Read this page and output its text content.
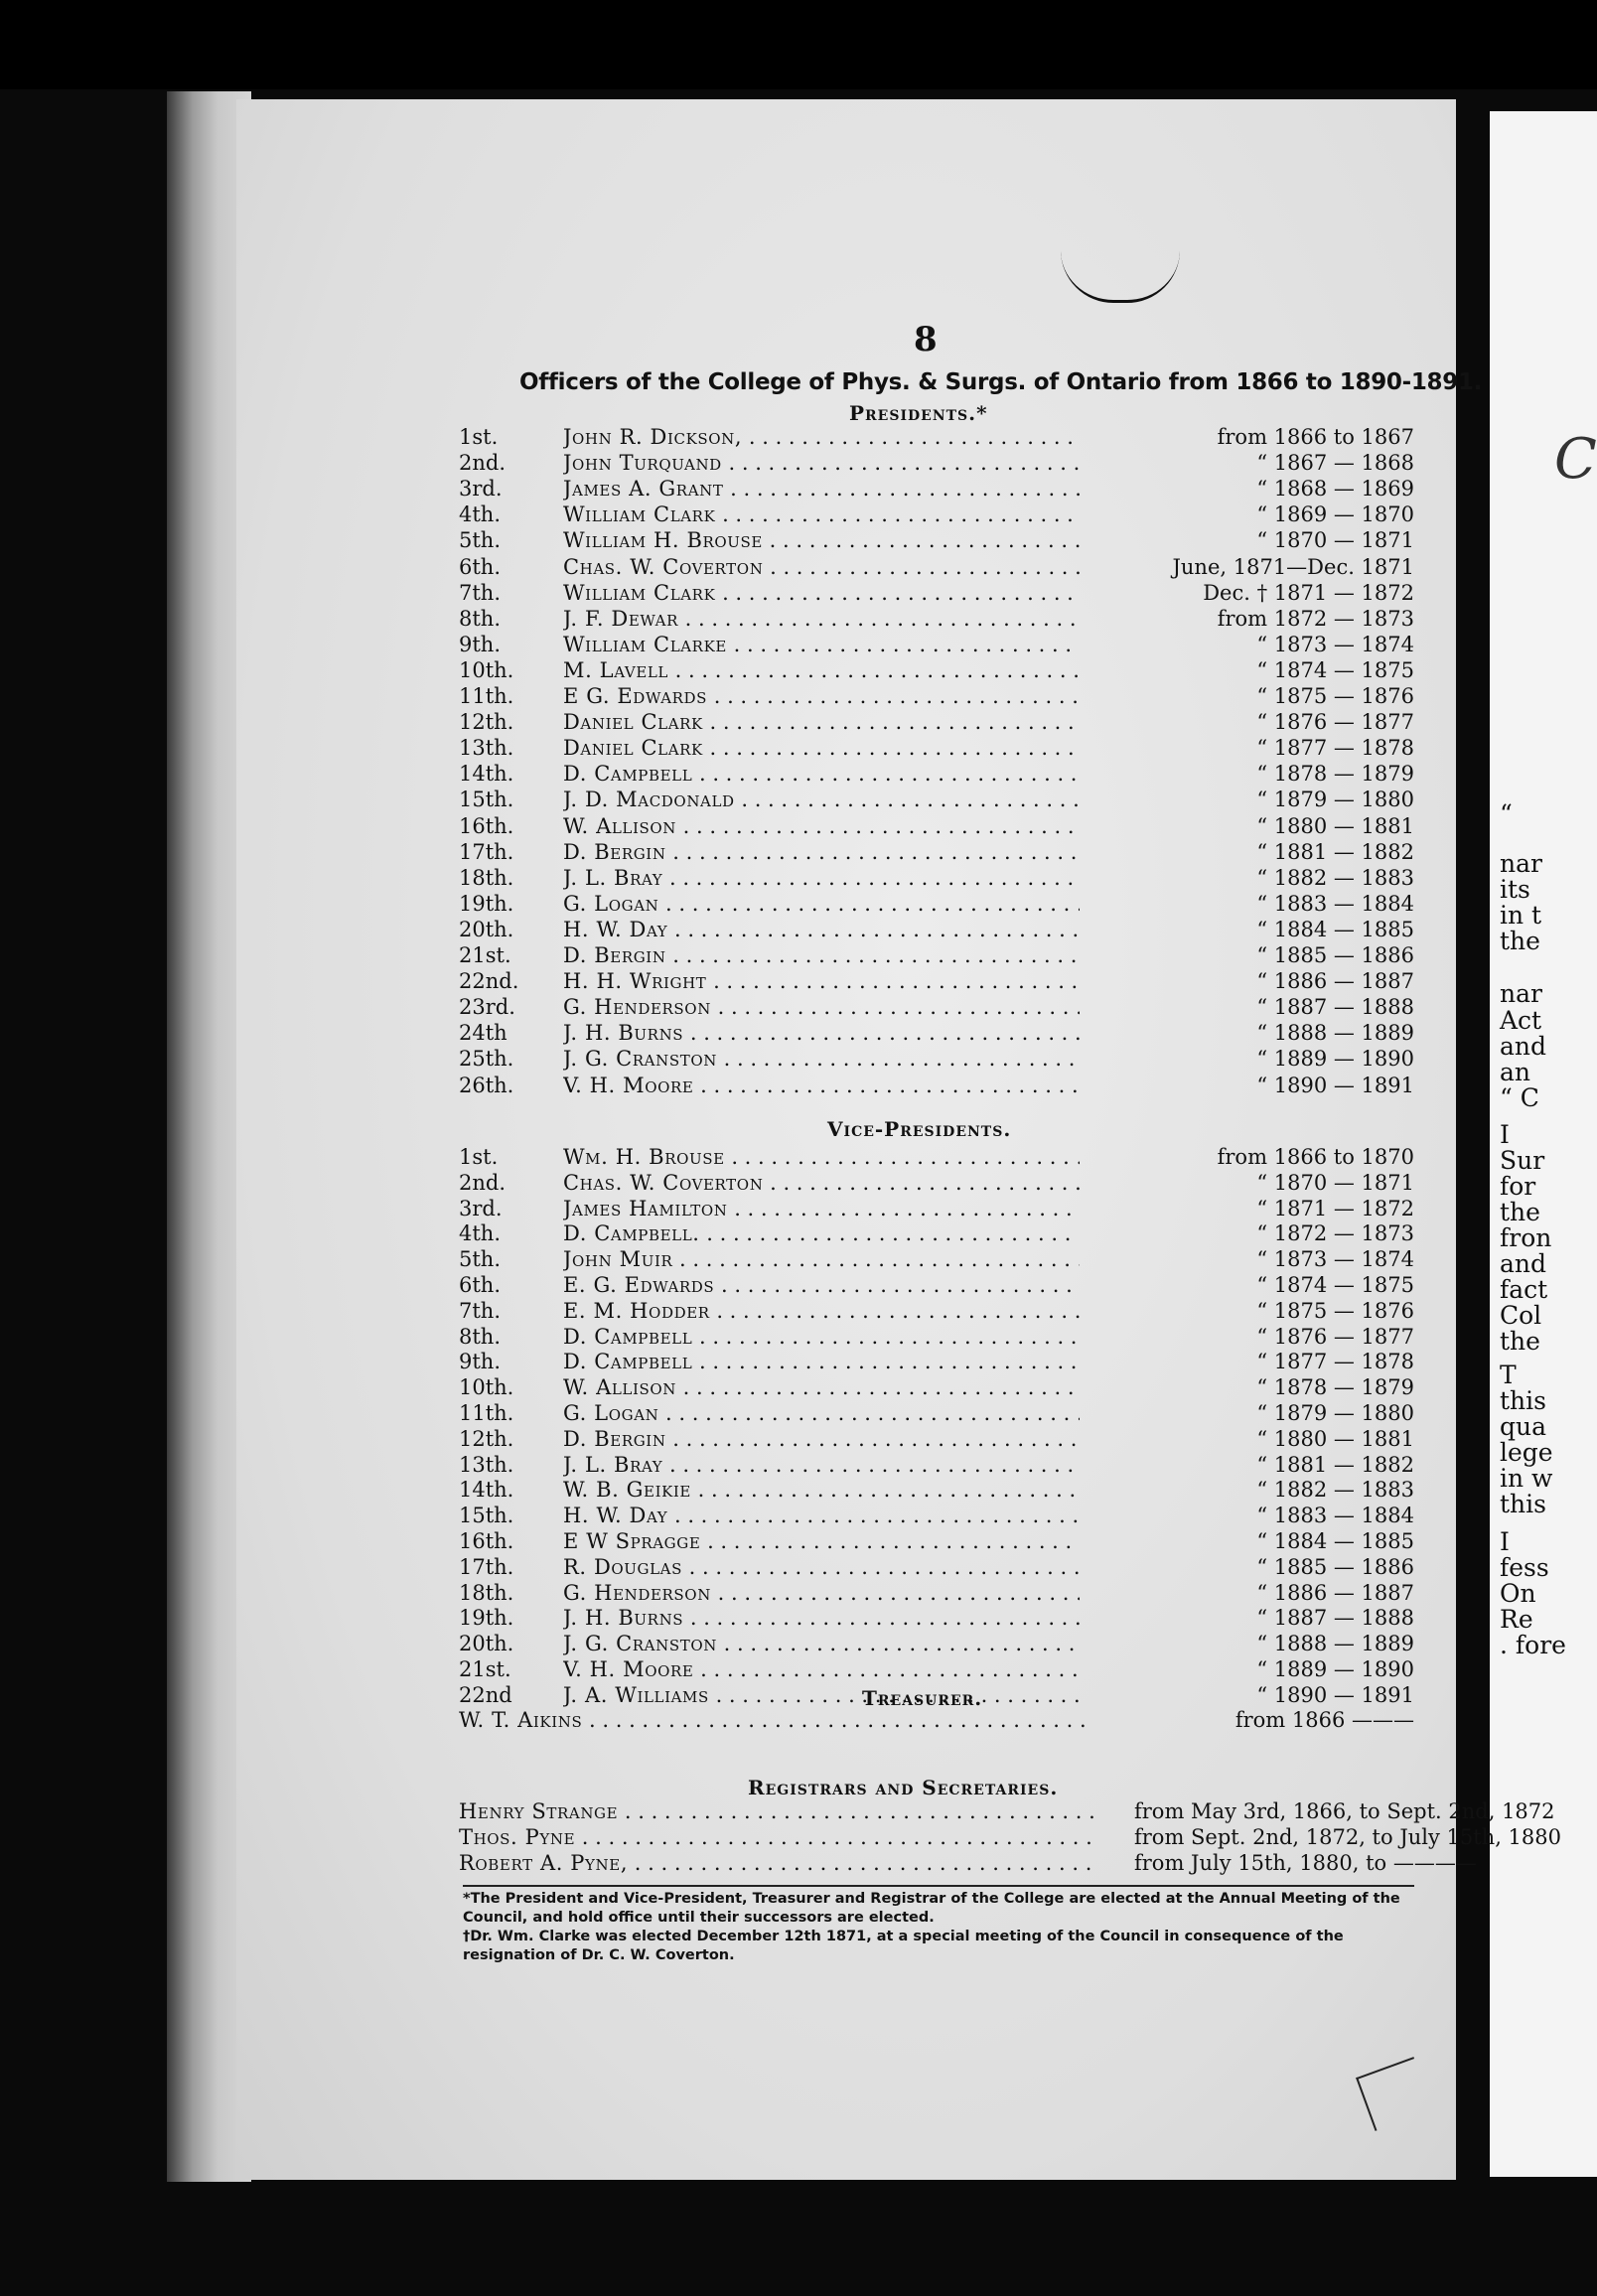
C
“
nar
its
in t
the
nar
Act
and
an
“ C
I
Sur
for
the
fron
and
fact
Col
the
T
this
qua
lege
in w
this
I
fess
On
Re
. fore
8
Officers of the College of Phys. & Surgs. of Ontario from 1866 to 1890-1891.
Presidents.*
1st.	John R. Dickson, . . .	from 1866 to 1867
2nd.	John Turquand . . .	“ 1867 — 1868
3rd.	James A. Grant . . .	“ 1868 — 1869
4th.	William Clark . . .	“ 1869 — 1870
5th.	William H. Brouse . . .	“ 1870 — 1871
6th.	Chas. W. Coverton . . .	June, 1871—Dec. 1871
7th.	William Clark . . .	Dec. † 1871 — 1872
8th.	J. F. Dewar . . .	from 1872 — 1873
9th.	William Clarke . . .	“ 1873 — 1874
10th.	M. Lavell . . .	“ 1874 — 1875
11th.	E G. Edwards . . .	“ 1875 — 1876
12th.	Daniel Clark . . .	“ 1876 — 1877
13th.	Daniel Clark . . .	“ 1877 — 1878
14th.	D. Campbell . . .	“ 1878 — 1879
15th.	J. D. Macdonald . . .	“ 1879 — 1880
16th.	W. Allison . . .	“ 1880 — 1881
17th.	D. Bergin . . .	“ 1881 — 1882
18th.	J. L. Bray . . .	“ 1882 — 1883
19th.	G. Logan . . .	“ 1883 — 1884
20th.	H. W. Day . . .	“ 1884 — 1885
21st.	D. Bergin . . .	“ 1885 — 1886
22nd.	H. H. Wright . . .	“ 1886 — 1887
23rd.	G. Henderson . . .	“ 1887 — 1888
24th	J. H. Burns . . .	“ 1888 — 1889
25th.	J. G. Cranston . . .	“ 1889 — 1890
26th.	V. H. Moore . . .	“ 1890 — 1891
Vice-Presidents.
1st.	Wm. H. Brouse . . .	from 1866 to 1870
2nd.	Chas. W. Coverton . . .	“ 1870 — 1871
3rd.	James Hamilton . . .	“ 1871 — 1872
4th.	D. Campbell. . . .	“ 1872 — 1873
5th.	John Muir . . .	“ 1873 — 1874
6th.	E. G. Edwards . . .	“ 1874 — 1875
7th.	E. M. Hodder . . .	“ 1875 — 1876
8th.	D. Campbell . . .	“ 1876 — 1877
9th.	D. Campbell . . .	“ 1877 — 1878
10th.	W. Allison . . .	“ 1878 — 1879
11th.	G. Logan . . .	“ 1879 — 1880
12th.	D. Bergin . . .	“ 1880 — 1881
13th.	J. L. Bray . . .	“ 1881 — 1882
14th.	W. B. Geikie . . .	“ 1882 — 1883
15th.	H. W. Day . . .	“ 1883 — 1884
16th.	E W Spragge . . .	“ 1884 — 1885
17th.	R. Douglas . . .	“ 1885 — 1886
18th.	G. Henderson . . .	“ 1886 — 1887
19th.	J. H. Burns . . .	“ 1887 — 1888
20th.	J. G. Cranston . . .	“ 1888 — 1889
21st.	V. H. Moore . . .	“ 1889 — 1890
22nd	J. A. Williams . . .	“ 1890 — 1891
Treasurer.
W. T. Aikins . . .	from 1866 ———
Registrars and Secretaries.
Henry Strange . . .	from May 3rd, 1866, to Sept. 2nd, 1872
Thos. Pyne . . .	from Sept. 2nd, 1872, to July 15th, 1880
Robert A. Pyne, . . .	from July 15th, 1880, to ————

*The President and Vice-President, Treasurer and Registrar of the College are elected at the Annual Meeting of the Council, and hold office until their successors are elected.

†Dr. Wm. Clarke was elected December 12th 1871, at a special meeting of the Council in consequence of the resignation of Dr. C. W. Coverton.
